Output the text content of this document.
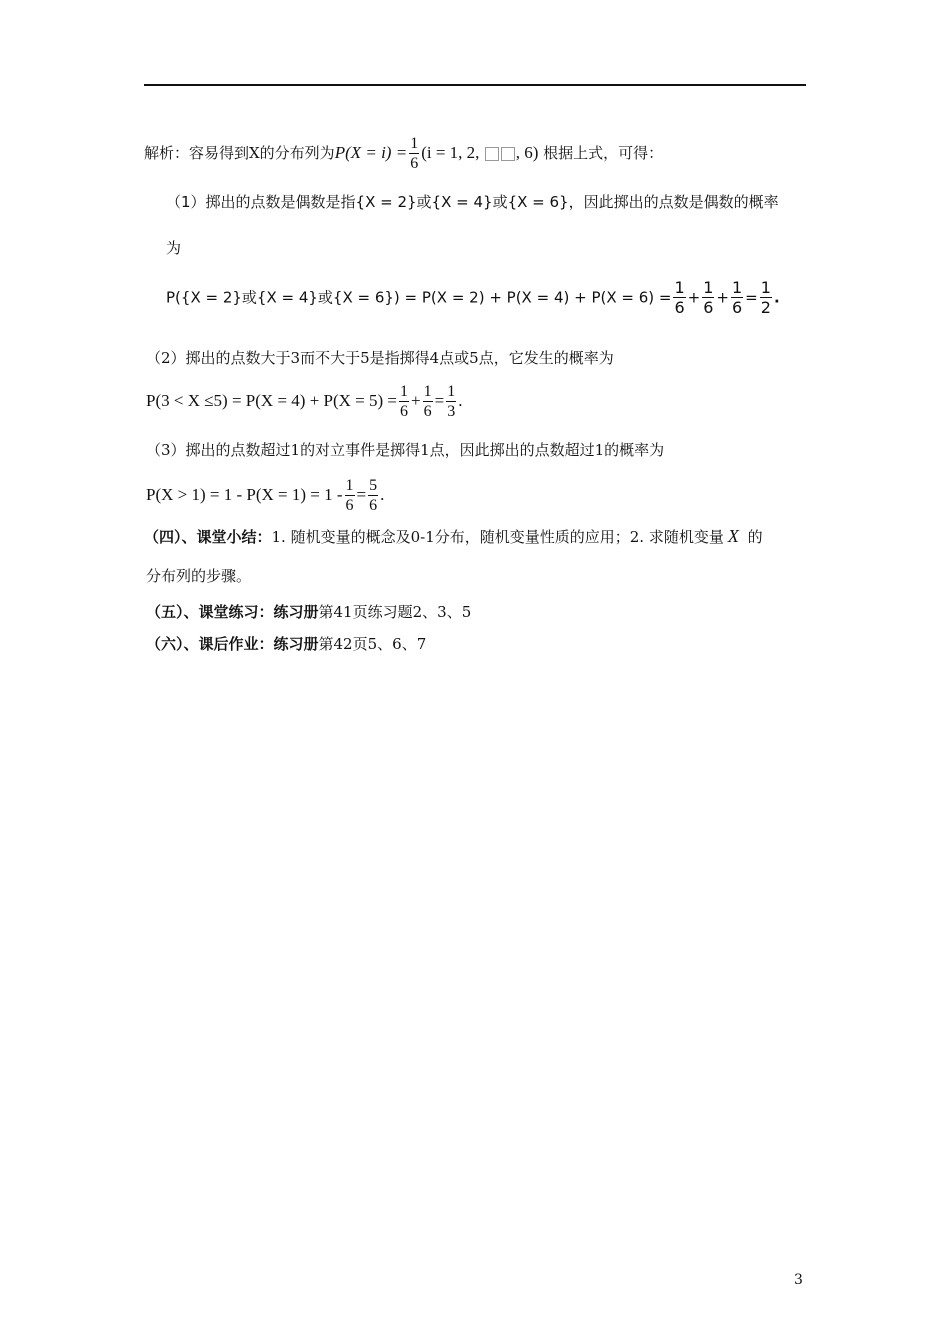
解析：容易得到X的分布列为$P(X = i) = \frac{1}{6} (i = 1$, 2, , 6) 根据上式，可得：
（1）掷出的点数是偶数是指{X = 2}或{X = 4}或{X = 6}，因此掷出的点数是偶数的概率
为
P({X = 2}或{X = 4}或$\{X = 6\}) = P(X = 2) + P(X = 4) + P(X = 6) = \frac{1}{6} + \frac{1}{6} + \frac{1}{6} = \frac{1}{2}$ .
（2）掷出的点数大于3而不大于5是指掷得4点或5点，它发生的概率为
$P(3 < X \le 5) = P(X = 4) + P(X = 5) = \frac{1}{6} + \frac{1}{6} = \frac{1}{3}$ .
（3）掷出的点数超过1的对立事件是掷得1点，因此掷出的点数超过1的概率为
$P(X > 1) = 1 - P(X = 1) = 1 - \frac{1}{6} = \frac{5}{6}$ .
（四）、课堂小结：1. 随机变量的概念及0-1分布，随机变量性质的应用；2. 求随机变量 X 的
分布列的步骤。
（五）、课堂练习：练习册第41页练习题2、3、5
（六）、课后作业：练习册第42页5、6、7
3
